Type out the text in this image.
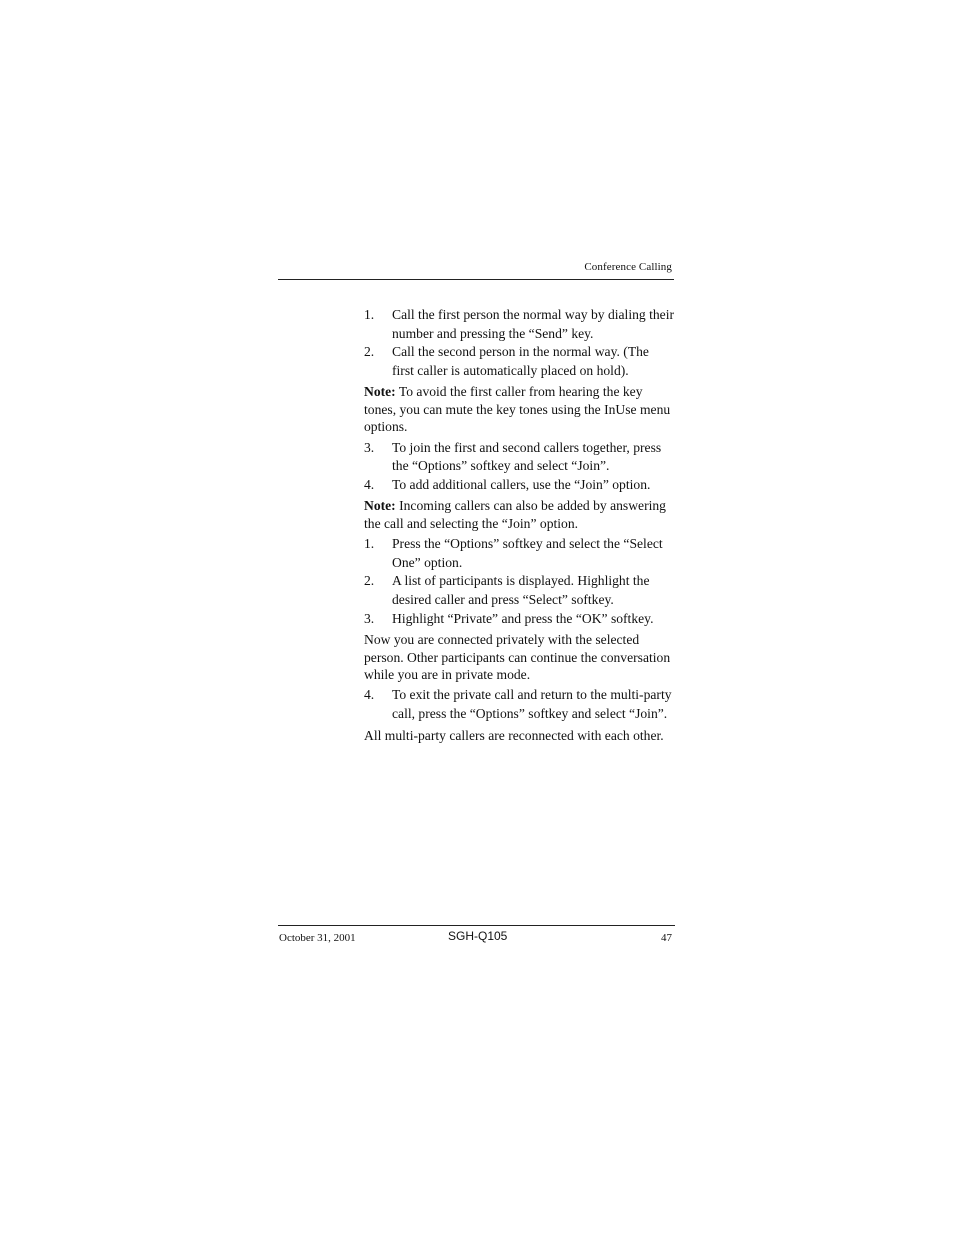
Conference Calling
1.	Call the first person the normal way by dialing their number and pressing the “Send” key.
2.	Call the second person in the normal way. (The first caller is automatically placed on hold).
Note: To avoid the first caller from hearing the key tones, you can mute the key tones using the InUse menu options.
3.	To join the first and second callers together, press the “Options” softkey and select “Join”.
4.	To add additional callers, use the “Join” option.
Note: Incoming callers can also be added by answering the call and selecting the “Join” option.
1.	Press the “Options” softkey and select the “Select One” option.
2.	A list of participants is displayed. Highlight the desired caller and press “Select” softkey.
3.	Highlight “Private” and press the “OK” softkey.
Now you are connected privately with the selected person. Other participants can continue the conversation while you are in private mode.
4.	To exit the private call and return to the multi-party call, press the “Options” softkey and select “Join”.
All multi-party callers are reconnected with each other.
October 31, 2001	SGH-Q105	47
